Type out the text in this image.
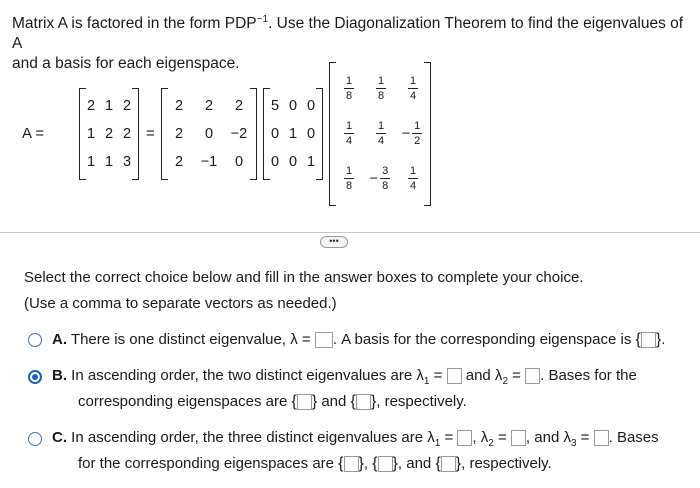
Matrix A is factored in the form $PDP^{-1}$. Use the Diagonalization Theorem to find the eigenvalues of A
and a basis for each eigenspace.
A =
2 1 2
1 2 2
1 1 3
=
2	2	2
2	0	−2
2	−1	0
5 0 0
0 1 0
0 0 1
$\frac{1}{8} \frac{1}{8} \frac{1}{4}$
$\frac{1}{4} \frac{1}{4} - \frac{1}{2}$
$\frac{1}{8} - \frac{3}{8} \frac{1}{4}$
•••
Select the correct choice below and fill in the answer boxes to complete your choice.
(Use a comma to separate vectors as needed.)
A. There is one distinct eigenvalue, λ = . A basis for the corresponding eigenspace is { }.
B. In ascending order, the two distinct eigenvalues are $\lambda_1$ =  and $\lambda_2$ = . Bases for the
corresponding eigenspaces are { } and { }, respectively.
C. In ascending order, the three distinct eigenvalues are $\lambda_1$ = , $\lambda_2$ = , and $\lambda_3$ = . Bases
for the corresponding eigenspaces are { }, { }, and { }, respectively.
